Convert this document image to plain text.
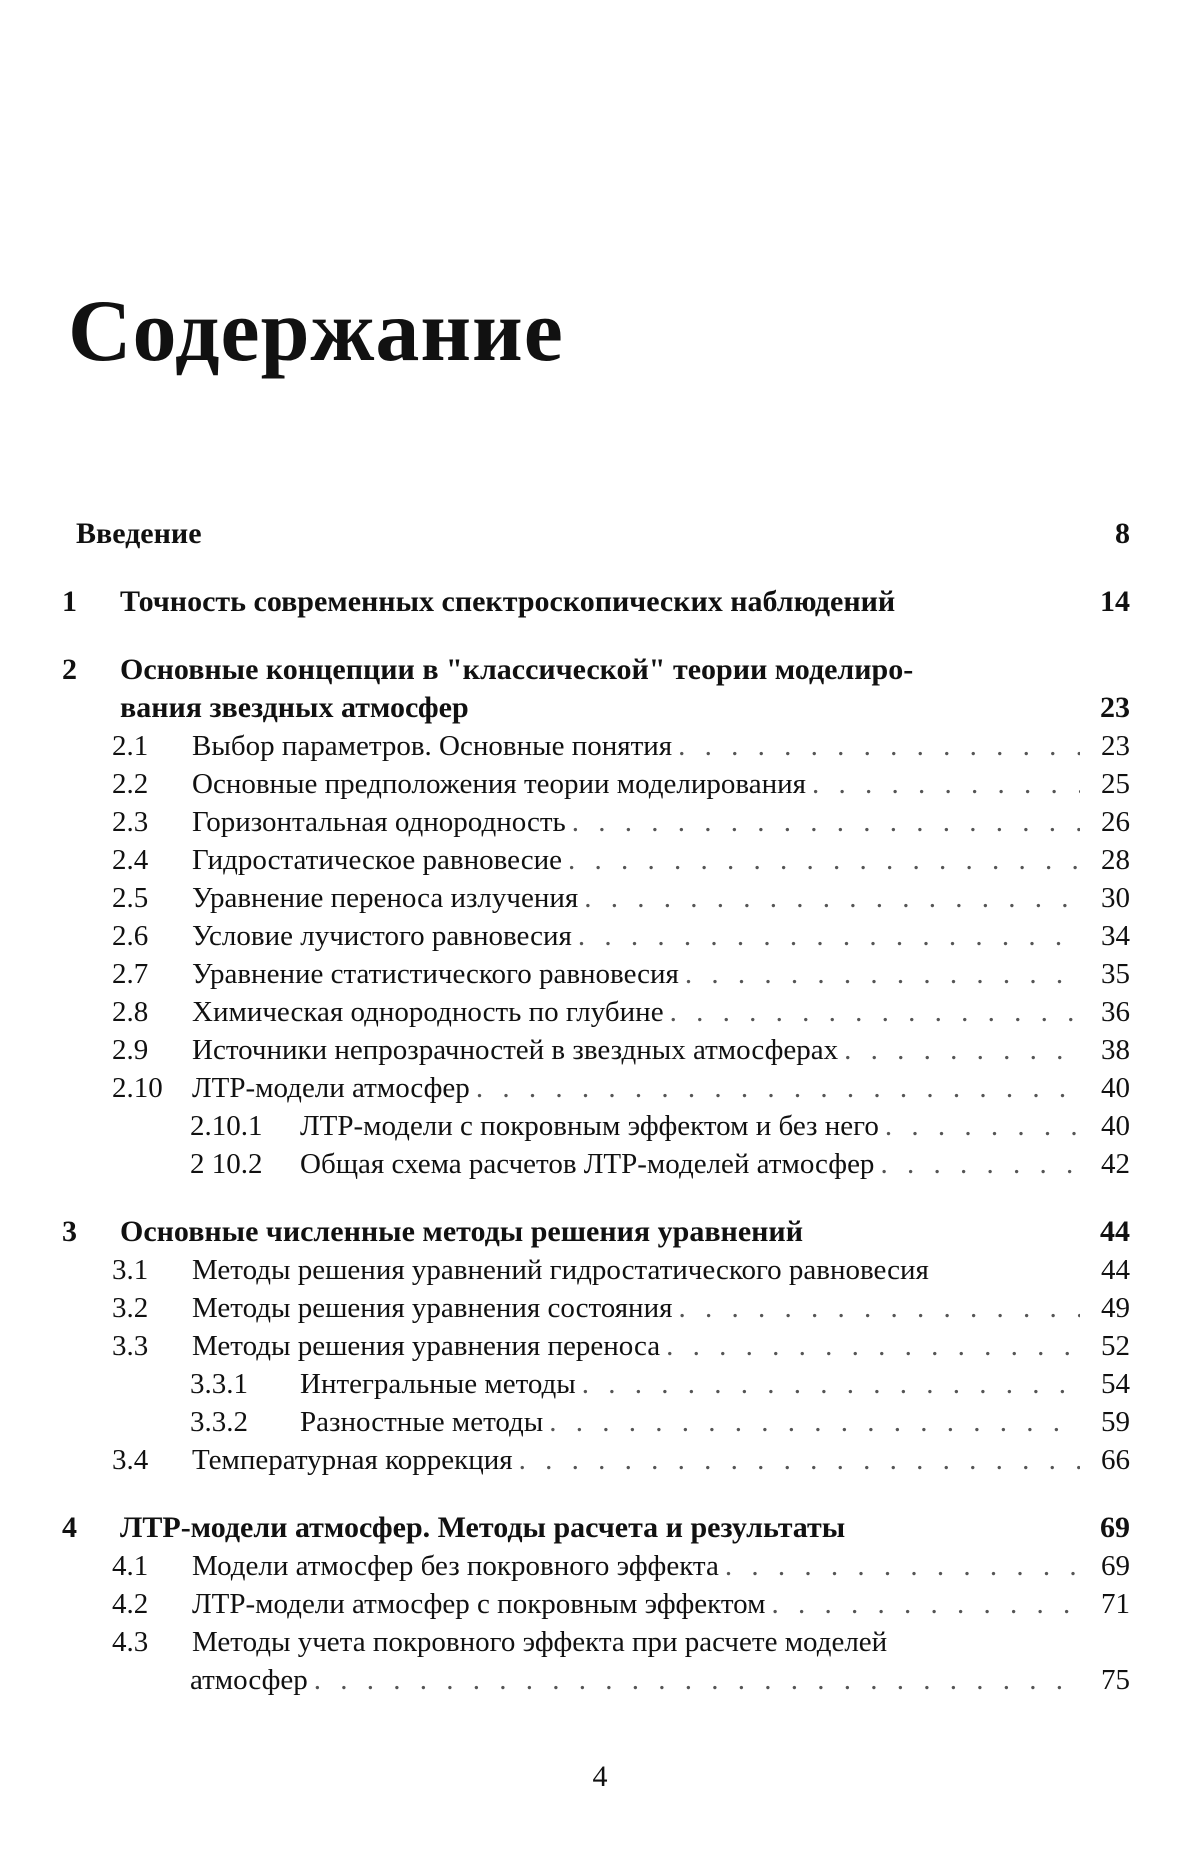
Содержание
Введение	8
1	Точность современных спектроскопических наблюдений	14
2	Основные концепции в "классической" теории моделиро-
вания звездных атмосфер	23
2.1	Выбор параметров. Основные понятия . . .	23
2.2	Основные предположения теории моделирования . . .	25
2.3	Горизонтальная однородность . . .	26
2.4	Гидростатическое равновесие . . .	28
2.5	Уравнение переноса излучения . . .	30
2.6	Условие лучистого равновесия . . .	34
2.7	Уравнение статистического равновесия . . .	35
2.8	Химическая однородность по глубине . . .	36
2.9	Источники непрозрачностей в звездных атмосферах . . .	38
2.10	ЛТР-модели атмосфер . . .	40
2.10.1	ЛТР-модели с покровным эффектом и без него . . .	40
2 10.2	Общая схема расчетов ЛТР-моделей атмосфер . . .	42
3	Основные численные методы решения уравнений	44
3.1	Методы решения уравнений гидростатического равновесия	44
3.2	Методы решения уравнения состояния . . .	49
3.3	Методы решения уравнения переноса . . .	52
3.3.1	Интегральные методы . . .	54
3.3.2	Разностные методы . . .	59
3.4	Температурная коррекция . . .	66
4	ЛТР-модели атмосфер. Методы расчета и результаты	69
4.1	Модели атмосфер без покровного эффекта . . .	69
4.2	ЛТР-модели атмосфер с покровным эффектом . . .	71
4.3	Методы учета покровного эффекта при расчете моделей
атмосфер . . .	75
4
